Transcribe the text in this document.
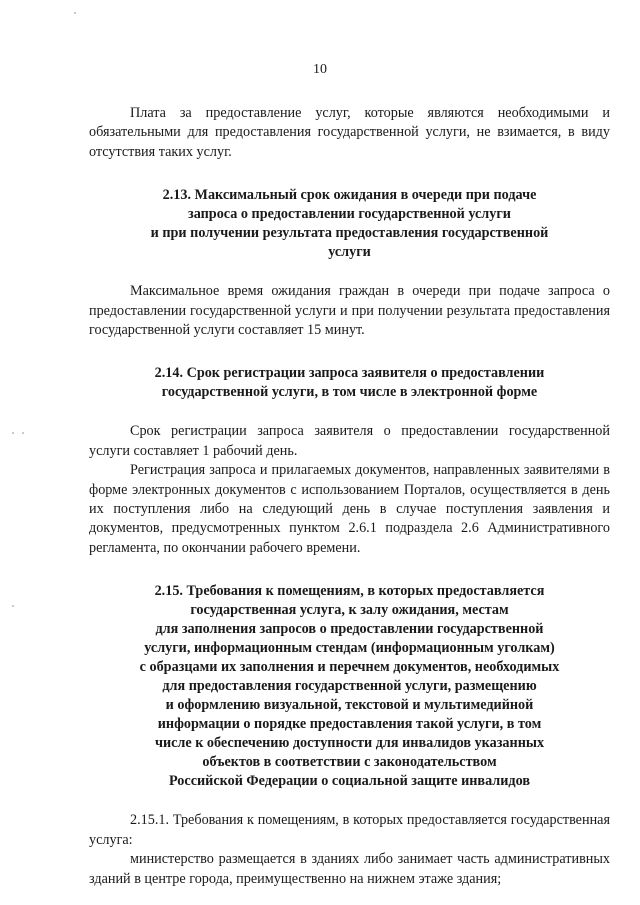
10

Плата за предоставление услуг, которые являются необходимыми и обязательными для предоставления государственной услуги, не взимается, в виду отсутствия таких услуг.

2.13. Максимальный срок ожидания в очереди при подаче
запроса о предоставлении государственной услуги
и при получении результата предоставления государственной
услуги

Максимальное время ожидания граждан в очереди при подаче запроса о предоставлении государственной услуги и при получении результата предоставления государственной услуги составляет 15 минут.

2.14. Срок регистрации запроса заявителя о предоставлении
государственной услуги, в том числе в электронной форме

Срок регистрации запроса заявителя о предоставлении государственной услуги составляет 1 рабочий день.

Регистрация запроса и прилагаемых документов, направленных заявителями в форме электронных документов с использованием Порталов, осуществляется в день их поступления либо на следующий день в случае поступления заявления и документов, предусмотренных пунктом 2.6.1 подраздела 2.6 Административного регламента, по окончании рабочего времени.

2.15. Требования к помещениям, в которых предоставляется
государственная услуга, к залу ожидания, местам
для заполнения запросов о предоставлении государственной
услуги, информационным стендам (информационным уголкам)
с образцами их заполнения и перечнем документов, необходимых
для предоставления государственной услуги, размещению
и оформлению визуальной, текстовой и мультимедийной
информации о порядке предоставления такой услуги, в том
числе к обеспечению доступности для инвалидов указанных
объектов в соответствии с законодательством
Российской Федерации о социальной защите инвалидов

2.15.1. Требования к помещениям, в которых предоставляется государственная услуга:

министерство размещается в зданиях либо занимает часть административных зданий в центре города, преимущественно на нижнем этаже здания;
